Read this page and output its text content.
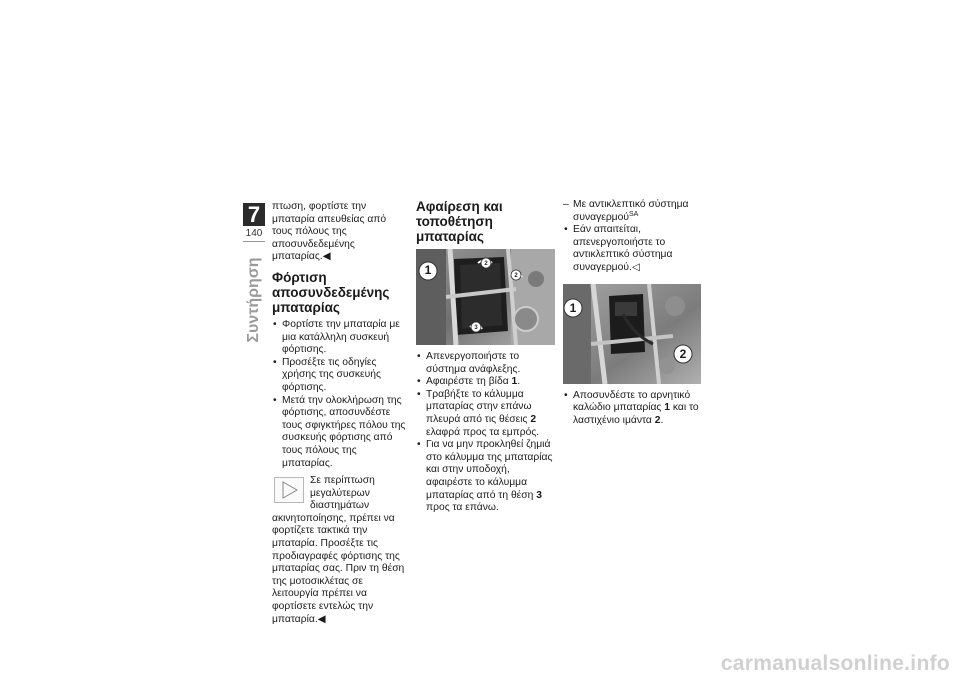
7
140
Συντήρηση

πτωση, φορτίστε την μπαταρία απευθείας από τους πόλους της αποσυνδεδεμένης μπαταρίας.◀

Φόρτιση αποσυνδεδεμένης μπαταρίας
• Φορτίστε την μπαταρία με μια κατάλληλη συσκευή φόρτισης.
• Προσέξτε τις οδηγίες χρήσης της συσκευής φόρτισης.
• Μετά την ολοκλήρωση της φόρτισης, αποσυνδέστε τους σφιγκτήρες πόλου της συσκευής φόρτισης από τους πόλους της μπαταρίας.
Σε περίπτωση μεγαλύτερων διαστημάτων ακινητοποίησης, πρέπει να φορτίζετε τακτικά την μπαταρία. Προσέξτε τις προδιαγραφές φόρτισης της μπαταρίας σας. Πριν τη θέση της μοτοσικλέτας σε λειτουργία πρέπει να φορτίσετε εντελώς την μπαταρία.◀
Αφαίρεση και τοποθέτηση μπαταρίας
2
2
3
1
• Απενεργοποιήστε το σύστημα ανάφλεξης.
• Αφαιρέστε τη βίδα 1.
• Τραβήξτε το κάλυμμα μπαταρίας στην επάνω πλευρά από τις θέσεις 2 ελαφρά προς τα εμπρός.
• Για να μην προκληθεί ζημιά στο κάλυμμα της μπαταρίας και στην υποδοχή, αφαιρέστε το κάλυμμα μπαταρίας από τη θέση 3 προς τα επάνω.
– Με αντικλεπτικό σύστημα συναγερμού$^{SA}$
• Εάν απαιτείται, απενεργοποιήστε το αντικλεπτικό σύστημα συναγερμού.◁
1
2
• Αποσυνδέστε το αρνητικό καλώδιο μπαταρίας 1 και το λαστιχένιο ιμάντα 2.
carmanualsonline.info
